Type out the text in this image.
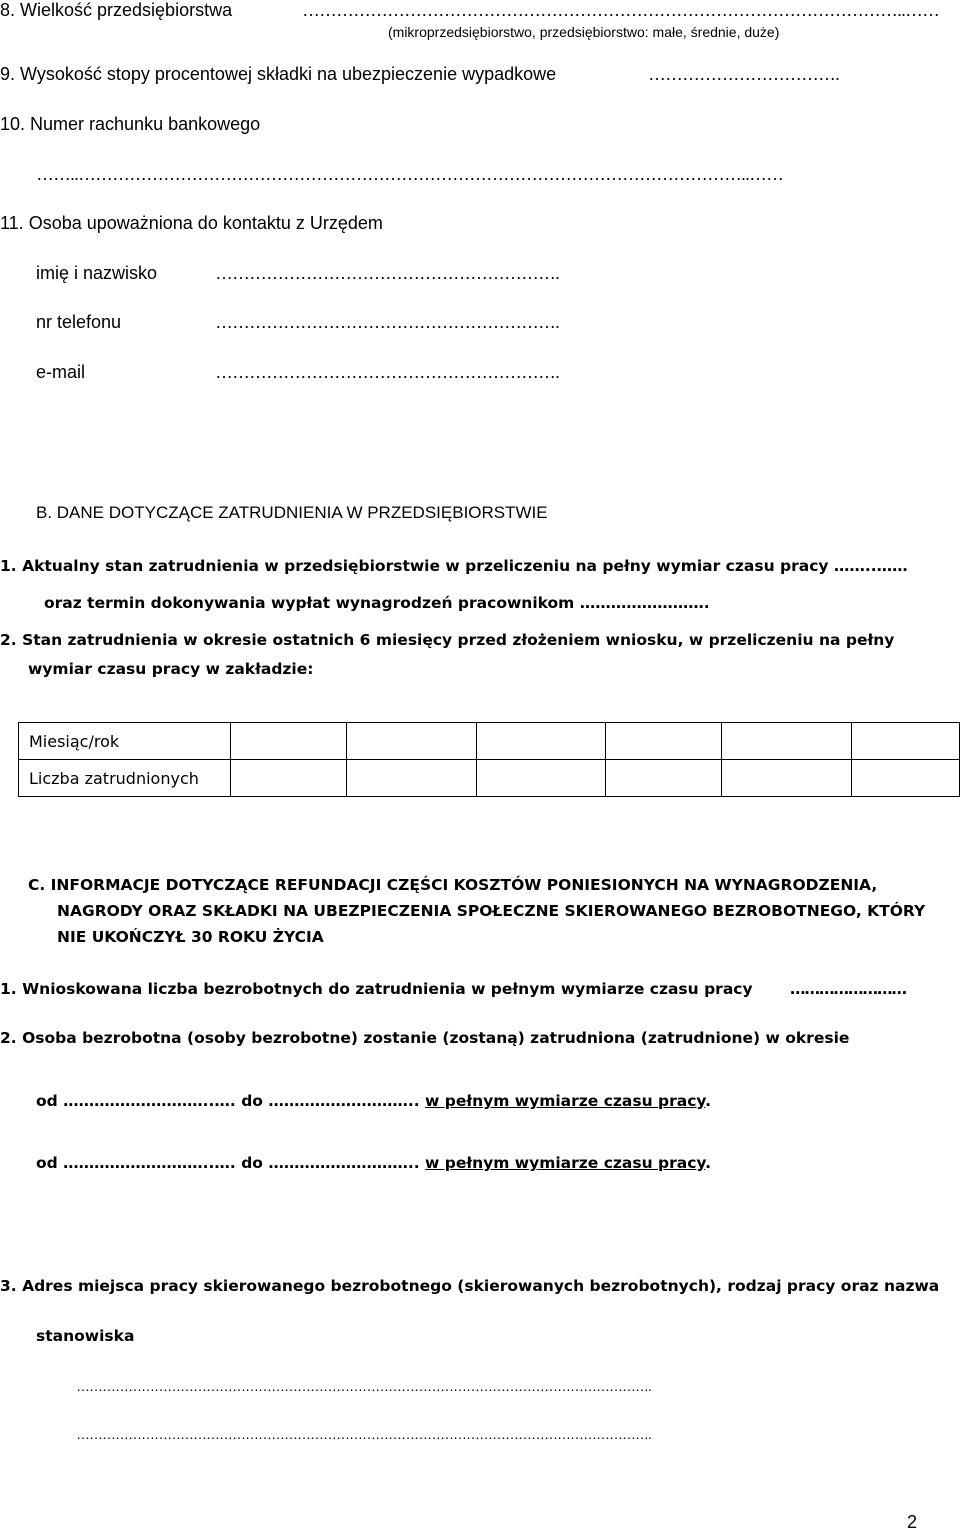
8. Wielkość przedsiębiorstwa	……………………………………………………………………………………………..……
(mikroprzedsiębiorstwo, przedsiębiorstwo: małe, średnie, duże)
9. Wysokość stopy procentowej składki na ubezpieczenie wypadkowe	…………………………….
10. Numer rachunku bankowego
……..………………………………………………………………………………………………………..……
11. Osoba upoważniona do kontaktu z Urzędem
imię i nazwisko	…………………………………………………….
nr telefonu	…………………………………………………….
e-mail	…………………………………………………….
B. DANE DOTYCZĄCE ZATRUDNIENIA W PRZEDSIĘBIORSTWIE
1. Aktualny stan zatrudnienia w przedsiębiorstwie w przeliczeniu na pełny wymiar czasu pracy ……..……
oraz termin dokonywania wypłat wynagrodzeń pracownikom …………………….
2. Stan zatrudnienia w okresie ostatnich 6 miesięcy przed złożeniem wniosku, w przeliczeniu na pełny
wymiar czasu pracy w zakładzie:
Miesiąc/rok						
Liczba zatrudnionych						
C. INFORMACJE DOTYCZĄCE REFUNDACJI CZĘŚCI KOSZTÓW PONIESIONYCH NA WYNAGRODZENIA,
NAGRODY ORAZ SKŁADKI NA UBEZPIECZENIA SPOŁECZNE SKIEROWANEGO BEZROBOTNEGO, KTÓRY
NIE UKOŃCZYŁ 30 ROKU ŻYCIA
1. Wnioskowana liczba bezrobotnych do zatrudnienia w pełnym wymiarze czasu pracy ……………………
2. Osoba bezrobotna (osoby bezrobotne) zostanie (zostaną) zatrudniona (zatrudnione) w okresie
od ………………………..…. do ……………………….. w pełnym wymiarze czasu pracy.
od ………………………..…. do ……………………….. w pełnym wymiarze czasu pracy.
3. Adres miejsca pracy skierowanego bezrobotnego (skierowanych bezrobotnych), rodzaj pracy oraz nazwa
stanowiska
…………………………………………………………………………………………………………………….
…………………………………………………………………………………………………………………….
2
